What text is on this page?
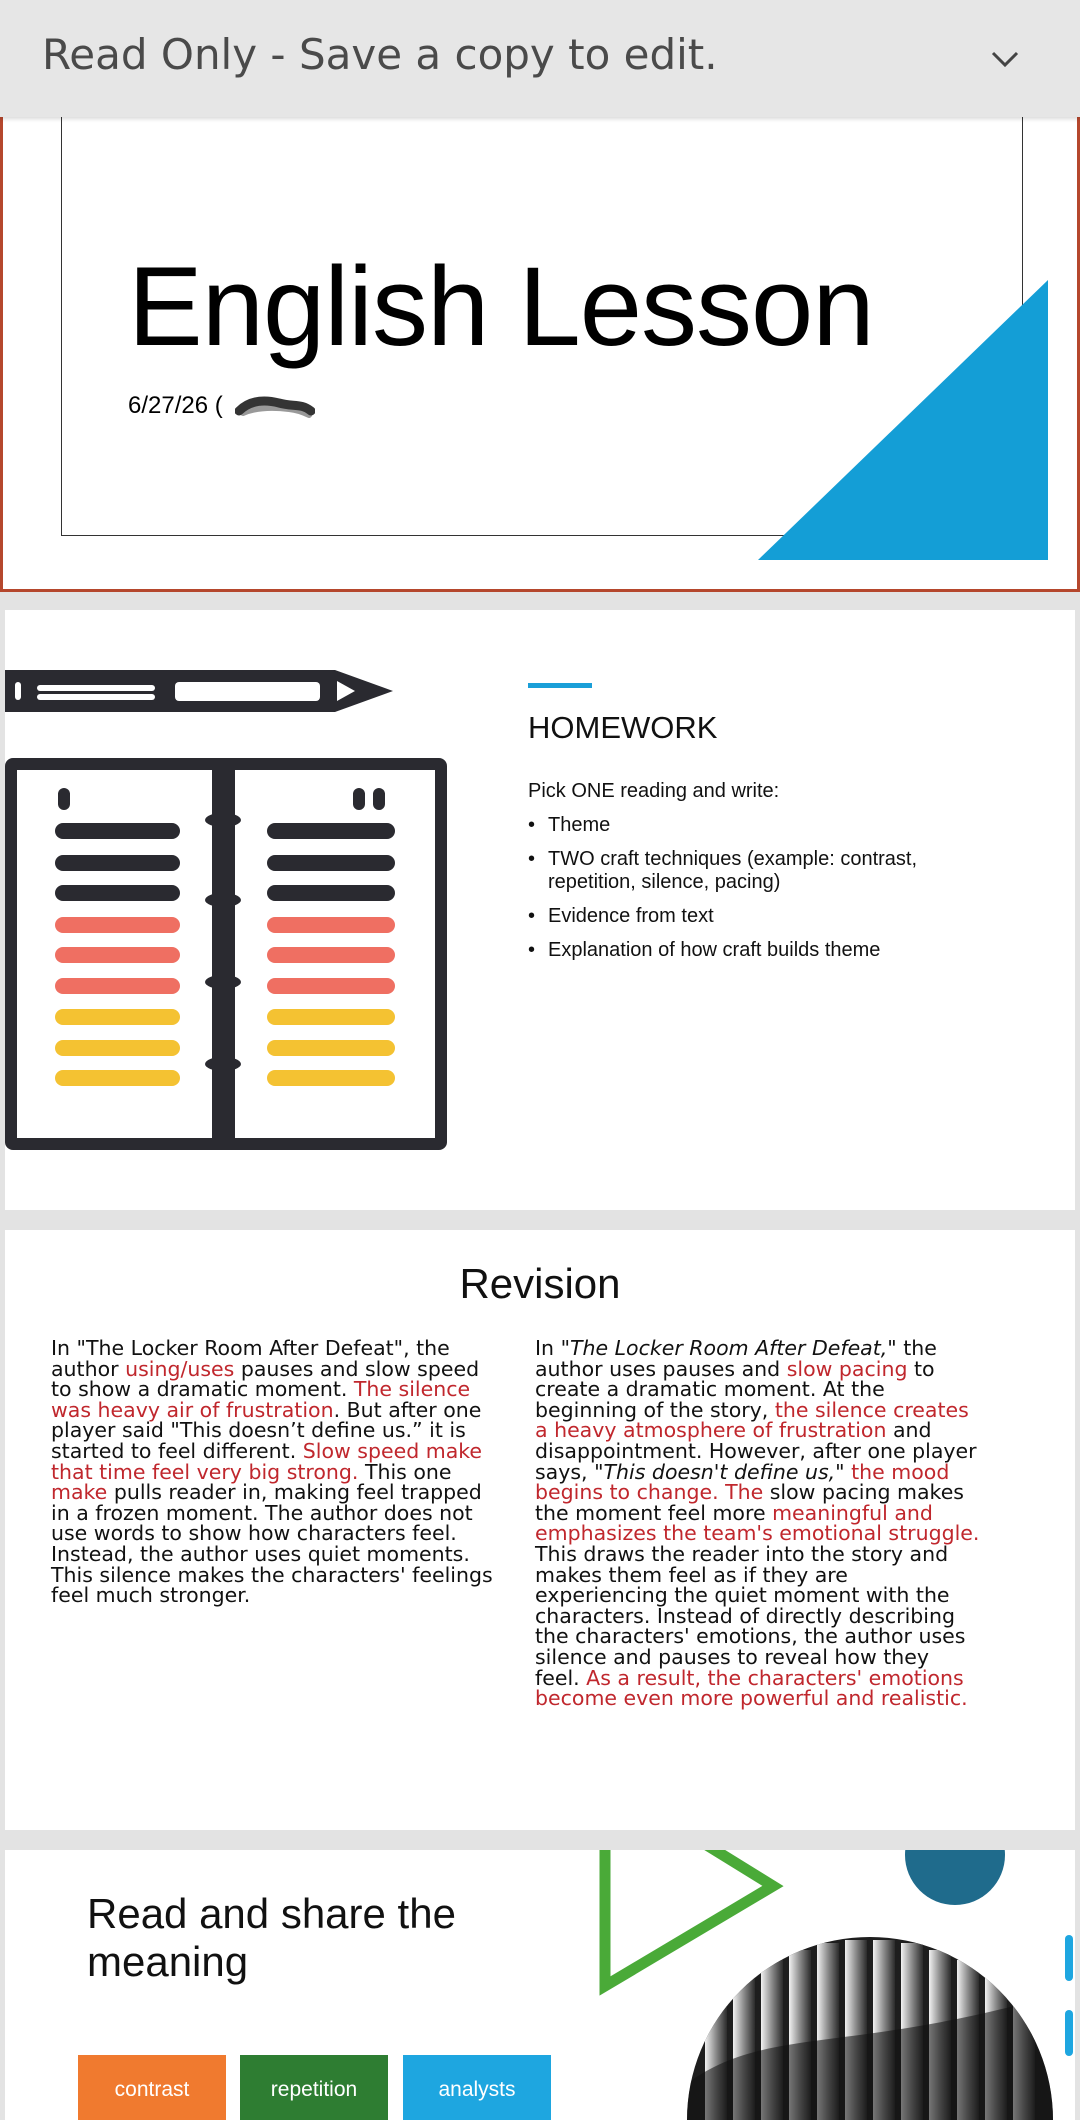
Read Only - Save a copy to edit.
English Lesson
6/27/26 (
HOMEWORK
Pick ONE reading and write:
• Theme
• TWO craft techniques (example: contrast, repetition, silence, pacing)
• Evidence from text
• Explanation of how craft builds theme
Revision
In "The Locker Room After Defeat", the author using/uses pauses and slow speed to show a dramatic moment. The silence was heavy air of frustration. But after one player said "This doesn’t define us.” it is started to feel different. Slow speed make that time feel very big strong. This one make pulls reader in, making feel trapped in a frozen moment. The author does not use words to show how characters feel. Instead, the author uses quiet moments. This silence makes the characters' feelings feel much stronger.
In "The Locker Room After Defeat," the author uses pauses and slow pacing to create a dramatic moment. At the beginning of the story, the silence creates a heavy atmosphere of frustration and disappointment. However, after one player says, "This doesn't define us," the mood begins to change. The slow pacing makes the moment feel more meaningful and emphasizes the team's emotional struggle. This draws the reader into the story and makes them feel as if they are experiencing the quiet moment with the characters. Instead of directly describing the characters' emotions, the author uses silence and pauses to reveal how they feel. As a result, the characters' emotions become even more powerful and realistic.
Read and share the meaning
contrast	repetition	analysts
